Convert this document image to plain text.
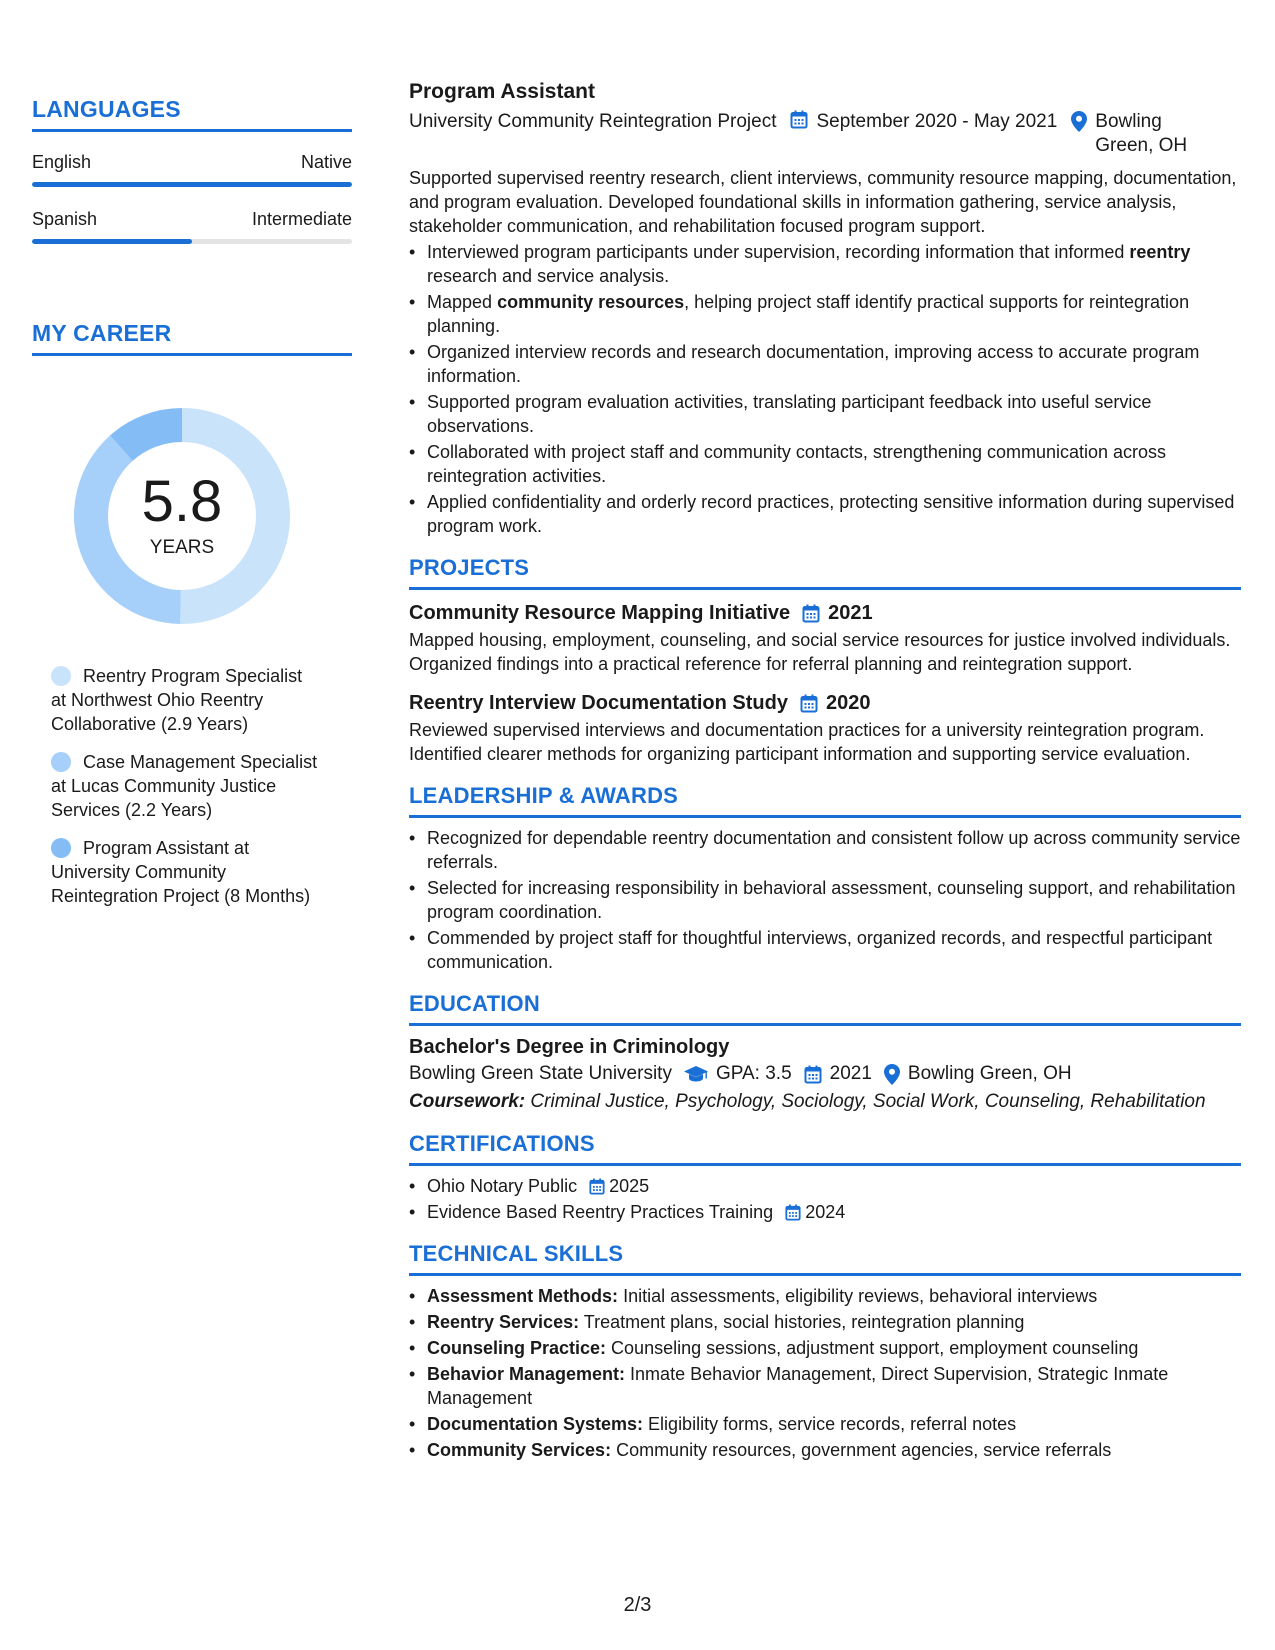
LANGUAGES
English	Native
Spanish	Intermediate
MY CAREER
5.8
YEARS
Reentry Program Specialist at Northwest Ohio Reentry Collaborative (2.9 Years)
Case Management Specialist at Lucas Community Justice Services (2.2 Years)
Program Assistant at University Community Reintegration Project (8 Months)
Program Assistant
University Community Reintegration Project September 2020 - May 2021 Bowling Green, OH
Supported supervised reentry research, client interviews, community resource mapping, documentation, and program evaluation. Developed foundational skills in information gathering, service analysis, stakeholder communication, and rehabilitation focused program support.
• Interviewed program participants under supervision, recording information that informed reentry research and service analysis.
• Mapped community resources, helping project staff identify practical supports for reintegration planning.
• Organized interview records and research documentation, improving access to accurate program information.
• Supported program evaluation activities, translating participant feedback into useful service observations.
• Collaborated with project staff and community contacts, strengthening communication across reintegration activities.
• Applied confidentiality and orderly record practices, protecting sensitive information during supervised program work.
PROJECTS
Community Resource Mapping Initiative 2021
Mapped housing, employment, counseling, and social service resources for justice involved individuals. Organized findings into a practical reference for referral planning and reintegration support.
Reentry Interview Documentation Study 2020
Reviewed supervised interviews and documentation practices for a university reintegration program. Identified clearer methods for organizing participant information and supporting service evaluation.
LEADERSHIP & AWARDS
• Recognized for dependable reentry documentation and consistent follow up across community service referrals.
• Selected for increasing responsibility in behavioral assessment, counseling support, and rehabilitation program coordination.
• Commended by project staff for thoughtful interviews, organized records, and respectful participant communication.
EDUCATION
Bachelor's Degree in Criminology
Bowling Green State University GPA: 3.5 2021 Bowling Green, OH
Coursework: Criminal Justice, Psychology, Sociology, Social Work, Counseling, Rehabilitation
CERTIFICATIONS
• Ohio Notary Public 2025
• Evidence Based Reentry Practices Training 2024
TECHNICAL SKILLS
• Assessment Methods: Initial assessments, eligibility reviews, behavioral interviews
• Reentry Services: Treatment plans, social histories, reintegration planning
• Counseling Practice: Counseling sessions, adjustment support, employment counseling
• Behavior Management: Inmate Behavior Management, Direct Supervision, Strategic Inmate Management
• Documentation Systems: Eligibility forms, service records, referral notes
• Community Services: Community resources, government agencies, service referrals
2/3
